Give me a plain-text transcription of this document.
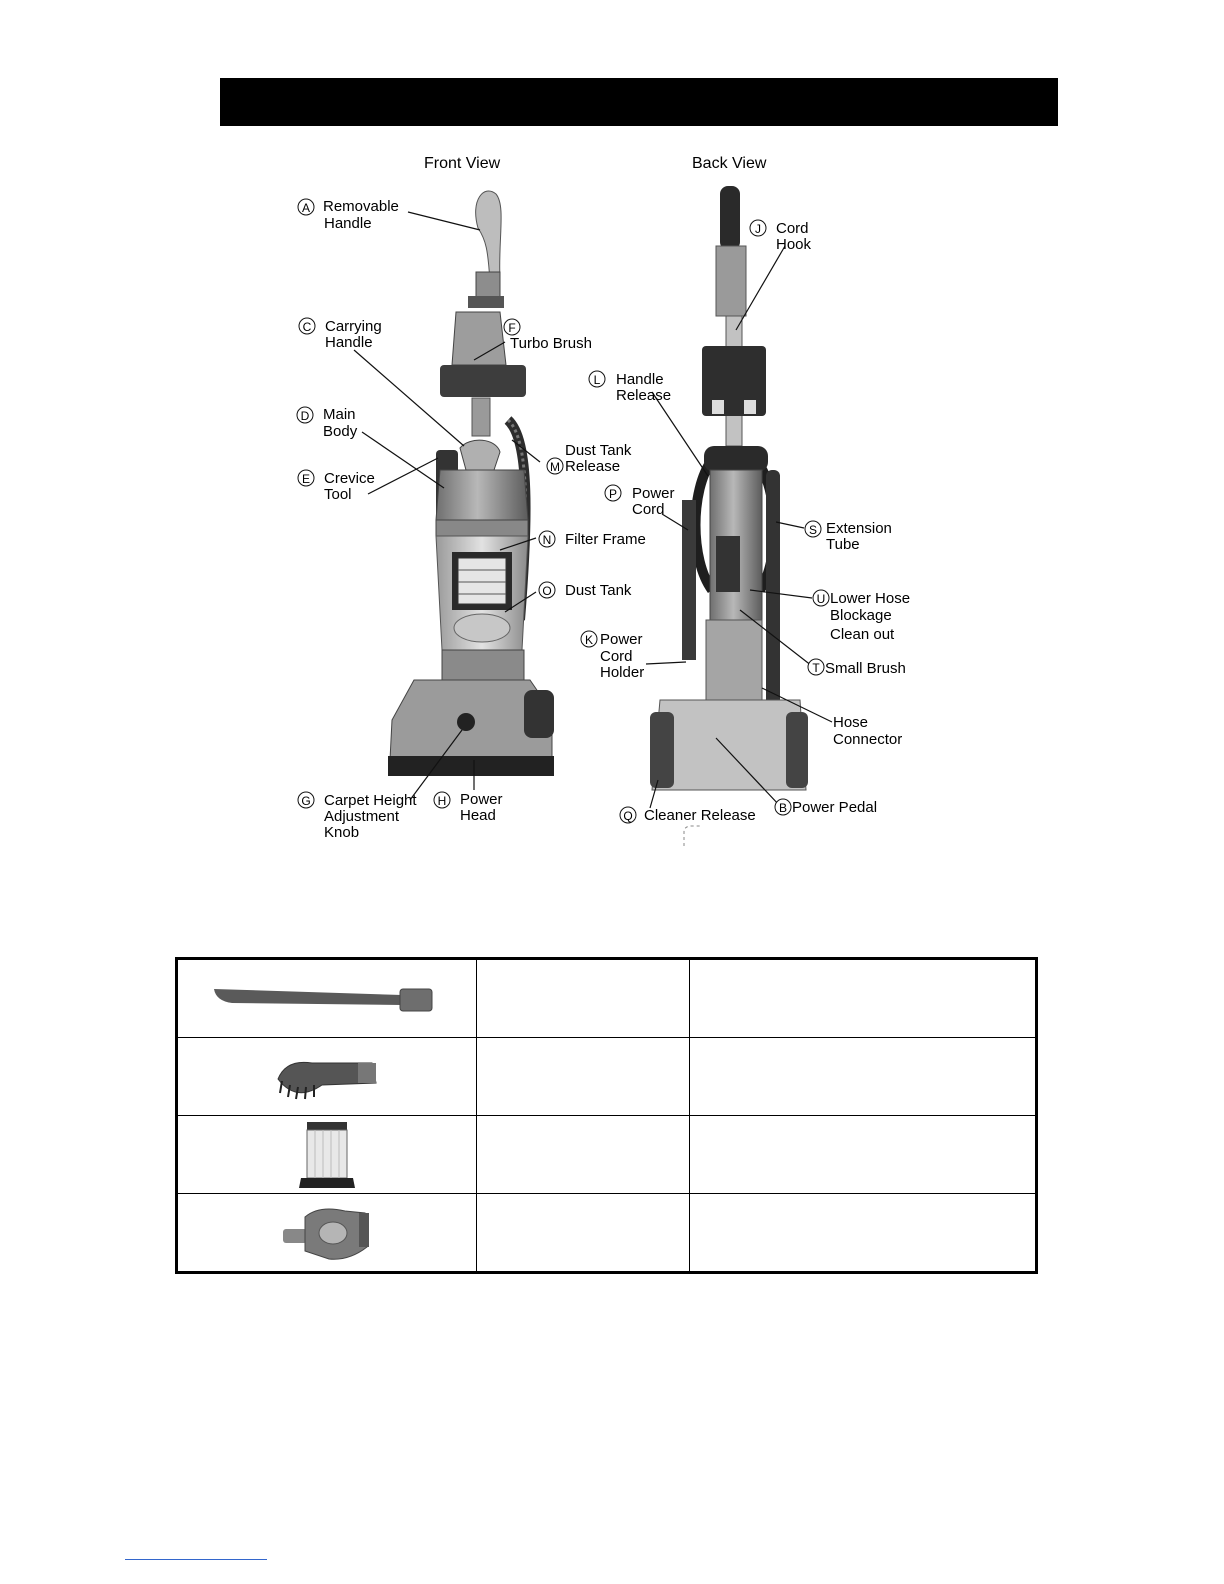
Front View	Back View
A Removable
Handle
C Carrying
Handle
F
Turbo Brush
D Main
Body
E Crevice
Tool
M
Dust Tank
Release
N Filter Frame
O Dust Tank
G Carpet Height
Adjustment
Knob
H Power
Head
J Cord
Hook
L Handle
Release
P Power
Cord
S Extension
Tube
U Lower Hose
Blockage
Clean out
K Power
Cord
Holder	T Small Brush
Hose
Connector
Q Cleaner Release B Power Pedal
